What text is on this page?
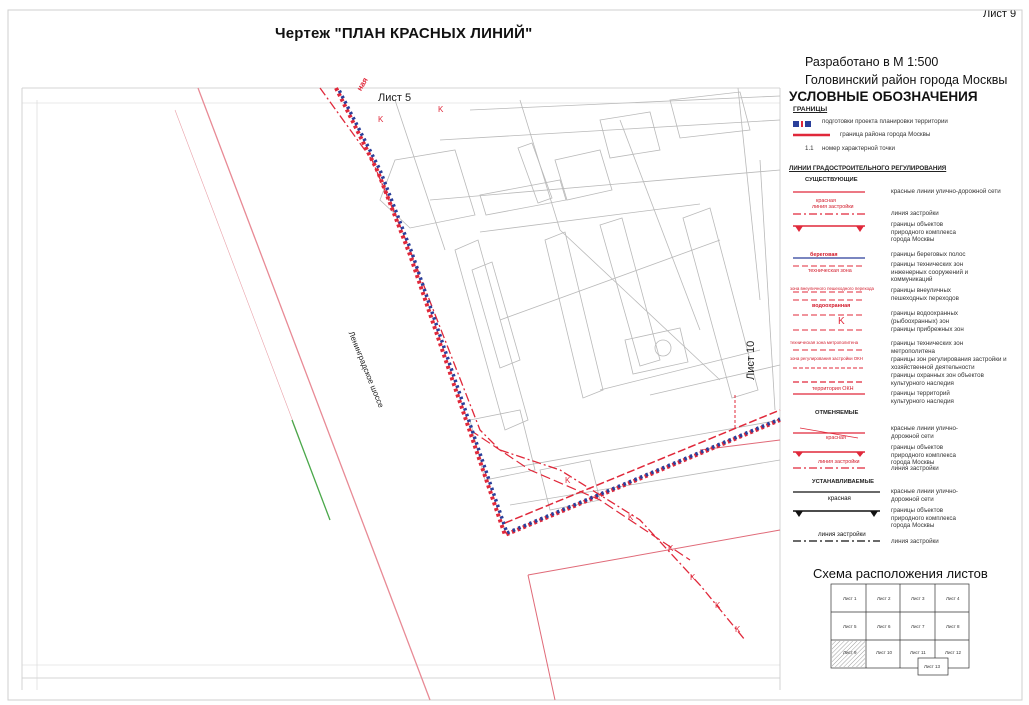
Лист 9
Чертеж "ПЛАН КРАСНЫХ ЛИНИЙ"
Разработано в М 1:500
Головинский район города Москвы
K
K
K
K
K
K
K
K
Лист 5
Лист 10
Ленинградское шоссе
ная
УСЛОВНЫЕ ОБОЗНАЧЕНИЯ
ГРАНИЦЫ
K
подготовки проекта планировки территории
граница района города Москвы
1.1 номер характерной точки
ЛИНИИ ГРАДОСТРОИТЕЛЬНОГО РЕГУЛИРОВАНИЯ
СУЩЕСТВУЮЩИЕ
красная
линия застройки
береговая
техническая зона
зона внеуличного пешеходного перехода
водоохранная
техническая зона метрополитена
зона регулирования застройки ОКН
территория ОКН
красные линии улично-дорожной сети
линия застройки
границы объектов природного комплекса города Москвы
границы береговых полос
границы технических зон инженерных сооружений и коммуникаций
границы внеуличных пешеходных переходов
границы водоохранных (рыбоохранных) зон
границы прибрежных зон
границы технических зон метрополитена
границы зон регулирования застройки и хозяйственной деятельности
границы охранных зон объектов культурного наследия
границы территорий культурного наследия
ОТМЕНЯЕМЫЕ
красная
красные линии улично-дорожной сети
границы объектов природного комплекса города Москвы
линия застройки
линия застройки
УСТАНАВЛИВАЕМЫЕ
красная
красные линии улично-дорожной сети
границы объектов природного комплекса города Москвы
линия застройки
линия застройки
Схема расположения листов
Лист 1	Лист 2	Лист 3	Лист 4
Лист 5	Лист 6	Лист 7	Лист 8
Лист 9	Лист 10	Лист 11	Лист 12
Лист 13
